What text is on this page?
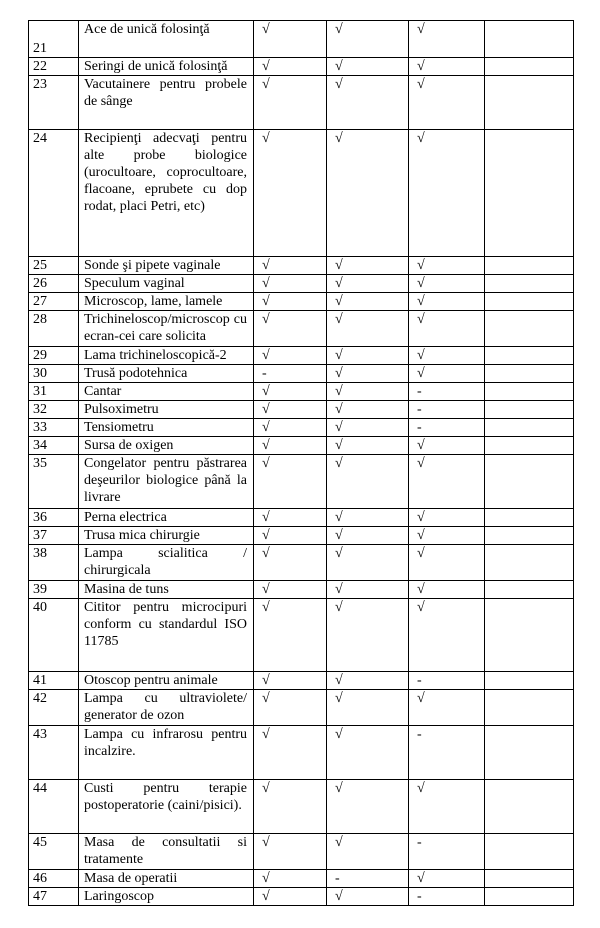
21	Ace de unică folosinţă	√	√	√	
22	Seringi de unică folosinţă	√	√	√	
23	Vacutainere pentru probele de sânge	√	√	√	
24	Recipienţi adecvaţi pentru alte probe biologice (urocultoare, coprocultoare, flacoane, eprubete cu dop rodat, placi Petri, etc)	√	√	√	
25	Sonde şi pipete vaginale	√	√	√	
26	Speculum vaginal	√	√	√	
27	Microscop, lame, lamele	√	√	√	
28	Trichineloscop/microscop cu ecran-cei care solicita	√	√	√	
29	Lama trichineloscopică-2	√	√	√	
30	Trusă podotehnica	-	√	√	
31	Cantar	√	√	-	
32	Pulsoximetru	√	√	-	
33	Tensiometru	√	√	-	
34	Sursa de oxigen	√	√	√	
35	Congelator pentru păstrarea deşeurilor biologice până la livrare	√	√	√	
36	Perna electrica	√	√	√	
37	Trusa mica chirurgie	√	√	√	
38	Lampa scialitica / chirurgicala	√	√	√	
39	Masina de tuns	√	√	√	
40	Cititor pentru microcipuri conform cu standardul ISO 11785	√	√	√	
41	Otoscop pentru animale	√	√	-	
42	Lampa cu ultraviolete/ generator de ozon	√	√	√	
43	Lampa cu infrarosu pentru incalzire.	√	√	-	
44	Custi pentru terapie postoperatorie (caini/pisici).	√	√	√	
45	Masa de consultatii si tratamente	√	√	-	
46	Masa de operatii	√	-	√	
47	Laringoscop	√	√	-	
